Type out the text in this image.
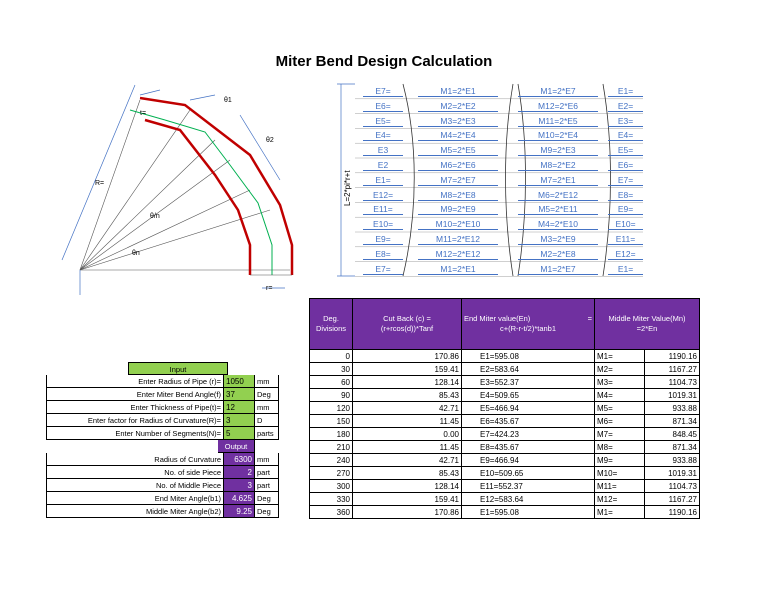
Miter Bend Design Calculation
t=
θ1
θ2
R=
θ/n
θn
r=
L=2*pi*r+t
E7=	M1=2*E1	M1=2*E7	E1=
E6=	M2=2*E2	M12=2*E6	E2=
E5=	M3=2*E3	M11=2*E5	E3=
E4=	M4=2*E4	M10=2*E4	E4=
E3	M5=2*E5	M9=2*E3	E5=
E2	M6=2*E6	M8=2*E2	E6=
E1=	M7=2*E7	M7=2*E1	E7=
E12=	M8=2*E8	M6=2*E12	E8=
E11=	M9=2*E9	M5=2*E11	E9=
E10=	M10=2*E10	M4=2*E10	E10=
E9=	M11=2*E12	M3=2*E9	E11=
E8=	M12=2*E12	M2=2*E8	E12=
E7=	M1=2*E1	M1=2*E7	E1=
Input
Enter Radius of Pipe (r)= 1050	mm
Enter Miter Bend Angle(f) 37	Deg
Enter Thickness of Pipe(t)= 12	mm
Enter factor for Radius of Curvature(R)= 3	D
Enter Number of Segments(N)= 5	parts
Output
Radius of Curvature	6300 mm
No. of side Piece	2 part
No. of Middle Piece	3 part
End Miter Angle(b1)	4.625 Deg
Middle Miter Angle(b2)	9.25 Deg
Deg. Divisions
Cut Back (c) =(r+rcos(d))*Tanf
End Miter value(En)	=
c+(R-r-t/2)*tanb1
Middle Miter Value(Mn) =2*En
0	170.86	E1=595.08	M1=	1190.16
30	159.41	E2=583.64	M2=	1167.27
60	128.14	E3=552.37	M3=	1104.73
90	85.43	E4=509.65	M4=	1019.31
120	42.71	E5=466.94	M5=	933.88
150	11.45	E6=435.67	M6=	871.34
180	0.00	E7=424.23	M7=	848.45
210	11.45	E8=435.67	M8=	871.34
240	42.71	E9=466.94	M9=	933.88
270	85.43	E10=509.65	M10=	1019.31
300	128.14	E11=552.37	M11=	1104.73
330	159.41	E12=583.64	M12=	1167.27
360	170.86	E1=595.08	M1=	1190.16
